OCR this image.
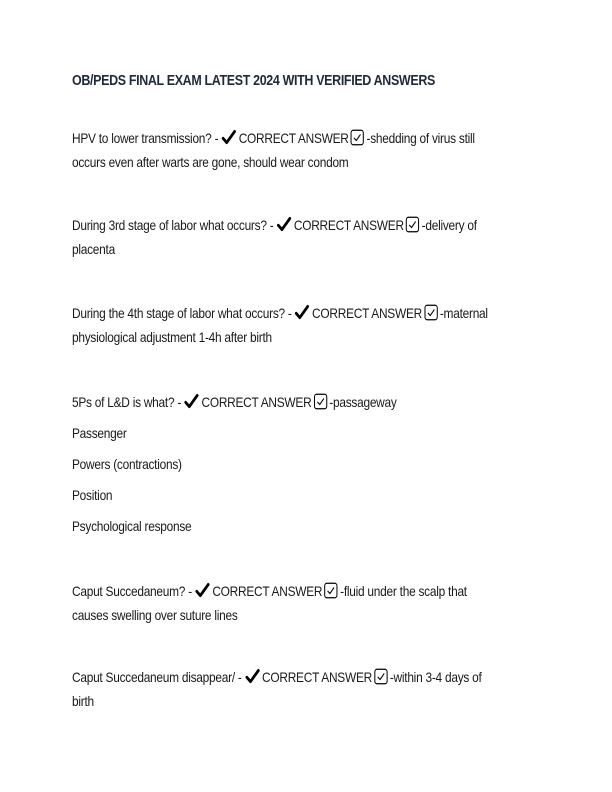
OB/PEDS FINAL EXAM LATEST 2024 WITH VERIFIED ANSWERS
HPV to lower transmission? - CORRECT ANSWER -shedding of virus still
occurs even after warts are gone, should wear condom
During 3rd stage of labor what occurs? - CORRECT ANSWER -delivery of
placenta
During the 4th stage of labor what occurs? - CORRECT ANSWER -maternal
physiological adjustment 1-4h after birth
5Ps of L&D is what? - CORRECT ANSWER -passageway
Passenger
Powers (contractions)
Position
Psychological response
Caput Succedaneum? - CORRECT ANSWER -fluid under the scalp that
causes swelling over suture lines
Caput Succedaneum disappear/ - CORRECT ANSWER -within 3-4 days of
birth
